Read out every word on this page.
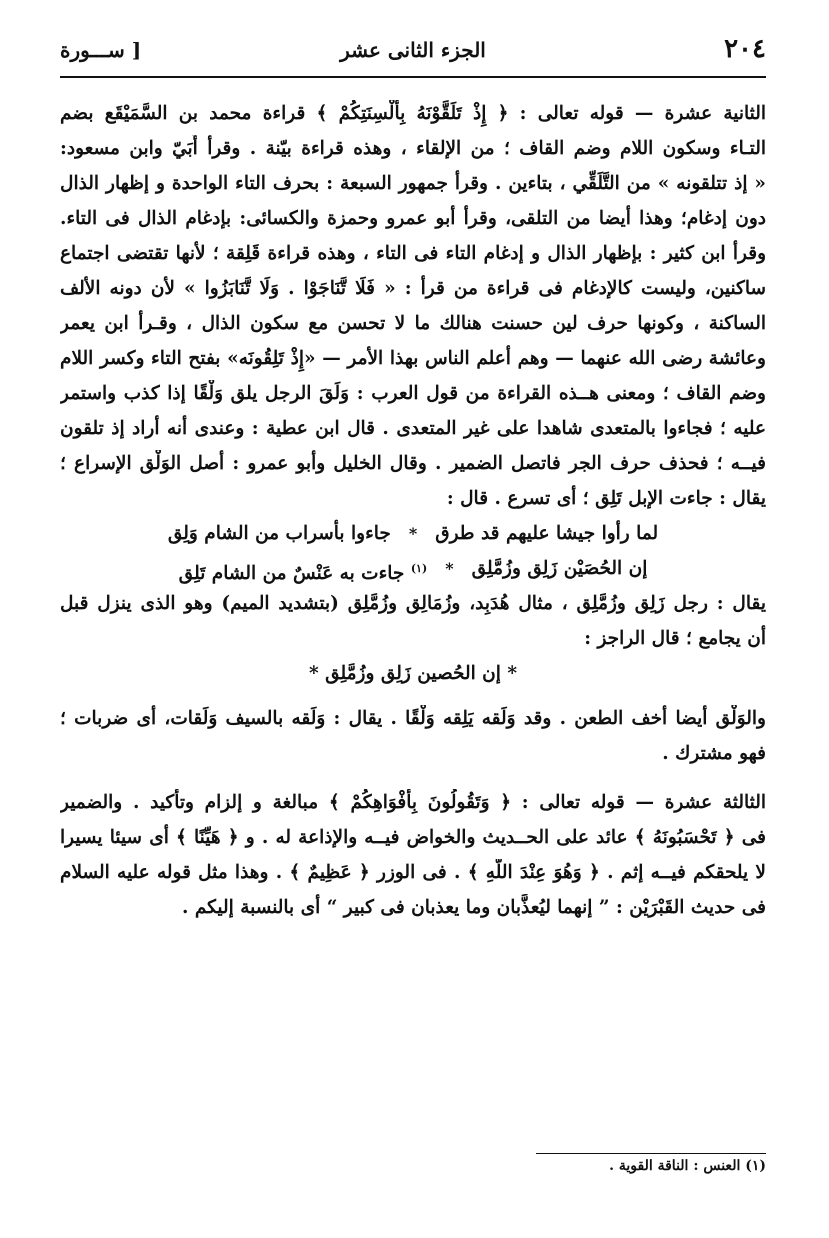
٢٠٤
الجزء الثانى عشر
[ ســـورة
الثانية عشرة — قوله تعالى : ﴿ إِذْ تَلَقَّوْنَهُ بِأَلْسِنَتِكُمْ ﴾ قراءة محمد بن السَّمَيْقَع بضم
التـاء وسكون اللام وضم القاف ؛ من الإلقاء ، وهذه قراءة بيّنة . وقرأ أُبَيّ وابن مسعود:
« إذ تتلقونه » من التَّلَقِّي ، بتاءين . وقرأ جمهور السبعة : بحرف التاء الواحدة و إظهار الذال
دون إدغام؛ وهذا أيضا من التلقى، وقرأ أبو عمرو وحمزة والكسائى: بإدغام الذال فى التاء.
وقرأ ابن كثير : بإظهار الذال و إدغام التاء فى التاء ، وهذه قراءة قَلِقة ؛ لأنها تقتضى اجتماع
ساكنين، وليست كالإدغام فى قراءة من قرأ : « فَلَا تَّنَاجَوْا . وَلَا تَّنَابَزُوا » لأن دونه الألف
الساكنة ، وكونها حرف لين حسنت هنالك ما لا تحسن مع سكون الذال ، وقـرأ ابن يعمر
وعائشة رضى الله عنهما — وهم أعلم الناس بهذا الأمر — «إِذْ تَلِقُونَه» بفتح التاء وكسر اللام
وضم القاف ؛ ومعنى هــذه القراءة من قول العرب : وَلَقَ الرجل يلق وَلْقًا إذا كذب واستمر
عليه ؛ فجاءوا بالمتعدى شاهدا على غير المتعدى . قال ابن عطية : وعندى أنه أراد إذ تلقون
فيــه ؛ فحذف حرف الجر فاتصل الضمير . وقال الخليل وأبو عمرو : أصل الوَلْق الإسراع ؛
يقال : جاءت الإبل تَلِق ؛ أى تسرع . قال :
لما رأوا جيشا عليهم قد طرق
*
جاءوا بأسراب من الشام وَلِق
إن الحُصَيْن زَلِق وزُمَّلِق
*
$^{(١)}$ جاءت به عَنْسٌ من الشام تَلِق
يقال : رجل زَلِق وزُمَّلِق ، مثال هُدَبِد، وزُمَالِق وزُمَّلِق (بتشديد الميم) وهو الذى ينزل قبل
أن يجامع ؛ قال الراجز :
* إن الحُصين زَلِق وزُمَّلِق *
والوَلْق أيضا أخف الطعن . وقد وَلَقه يَلِقه وَلْقًا . يقال : وَلَقه بالسيف وَلَقات، أى ضربات ؛
فهو مشترك .
الثالثة عشرة — قوله تعالى : ﴿ وَتَقُولُونَ بِأَفْوَاهِكُمْ ﴾ مبالغة و إلزام وتأكيد . والضمير
فى ﴿ تَحْسَبُونَهُ ﴾ عائد على الحــديث والخواض فيــه والإذاعة له . و ﴿ هَيِّنًا ﴾ أى سيئا يسيرا
لا يلحقكم فيــه إثم . ﴿ وَهُوَ عِنْدَ اللَّهِ ﴾ . فى الوزر ﴿ عَظِيمٌ ﴾ . وهذا مثل قوله عليه السلام
فى حديث القَبْرَيْن : ” إنهما ليُعذَّبان وما يعذبان فى كبير “ أى بالنسبة إليكم .
(١) العنس : الناقة القوية .
